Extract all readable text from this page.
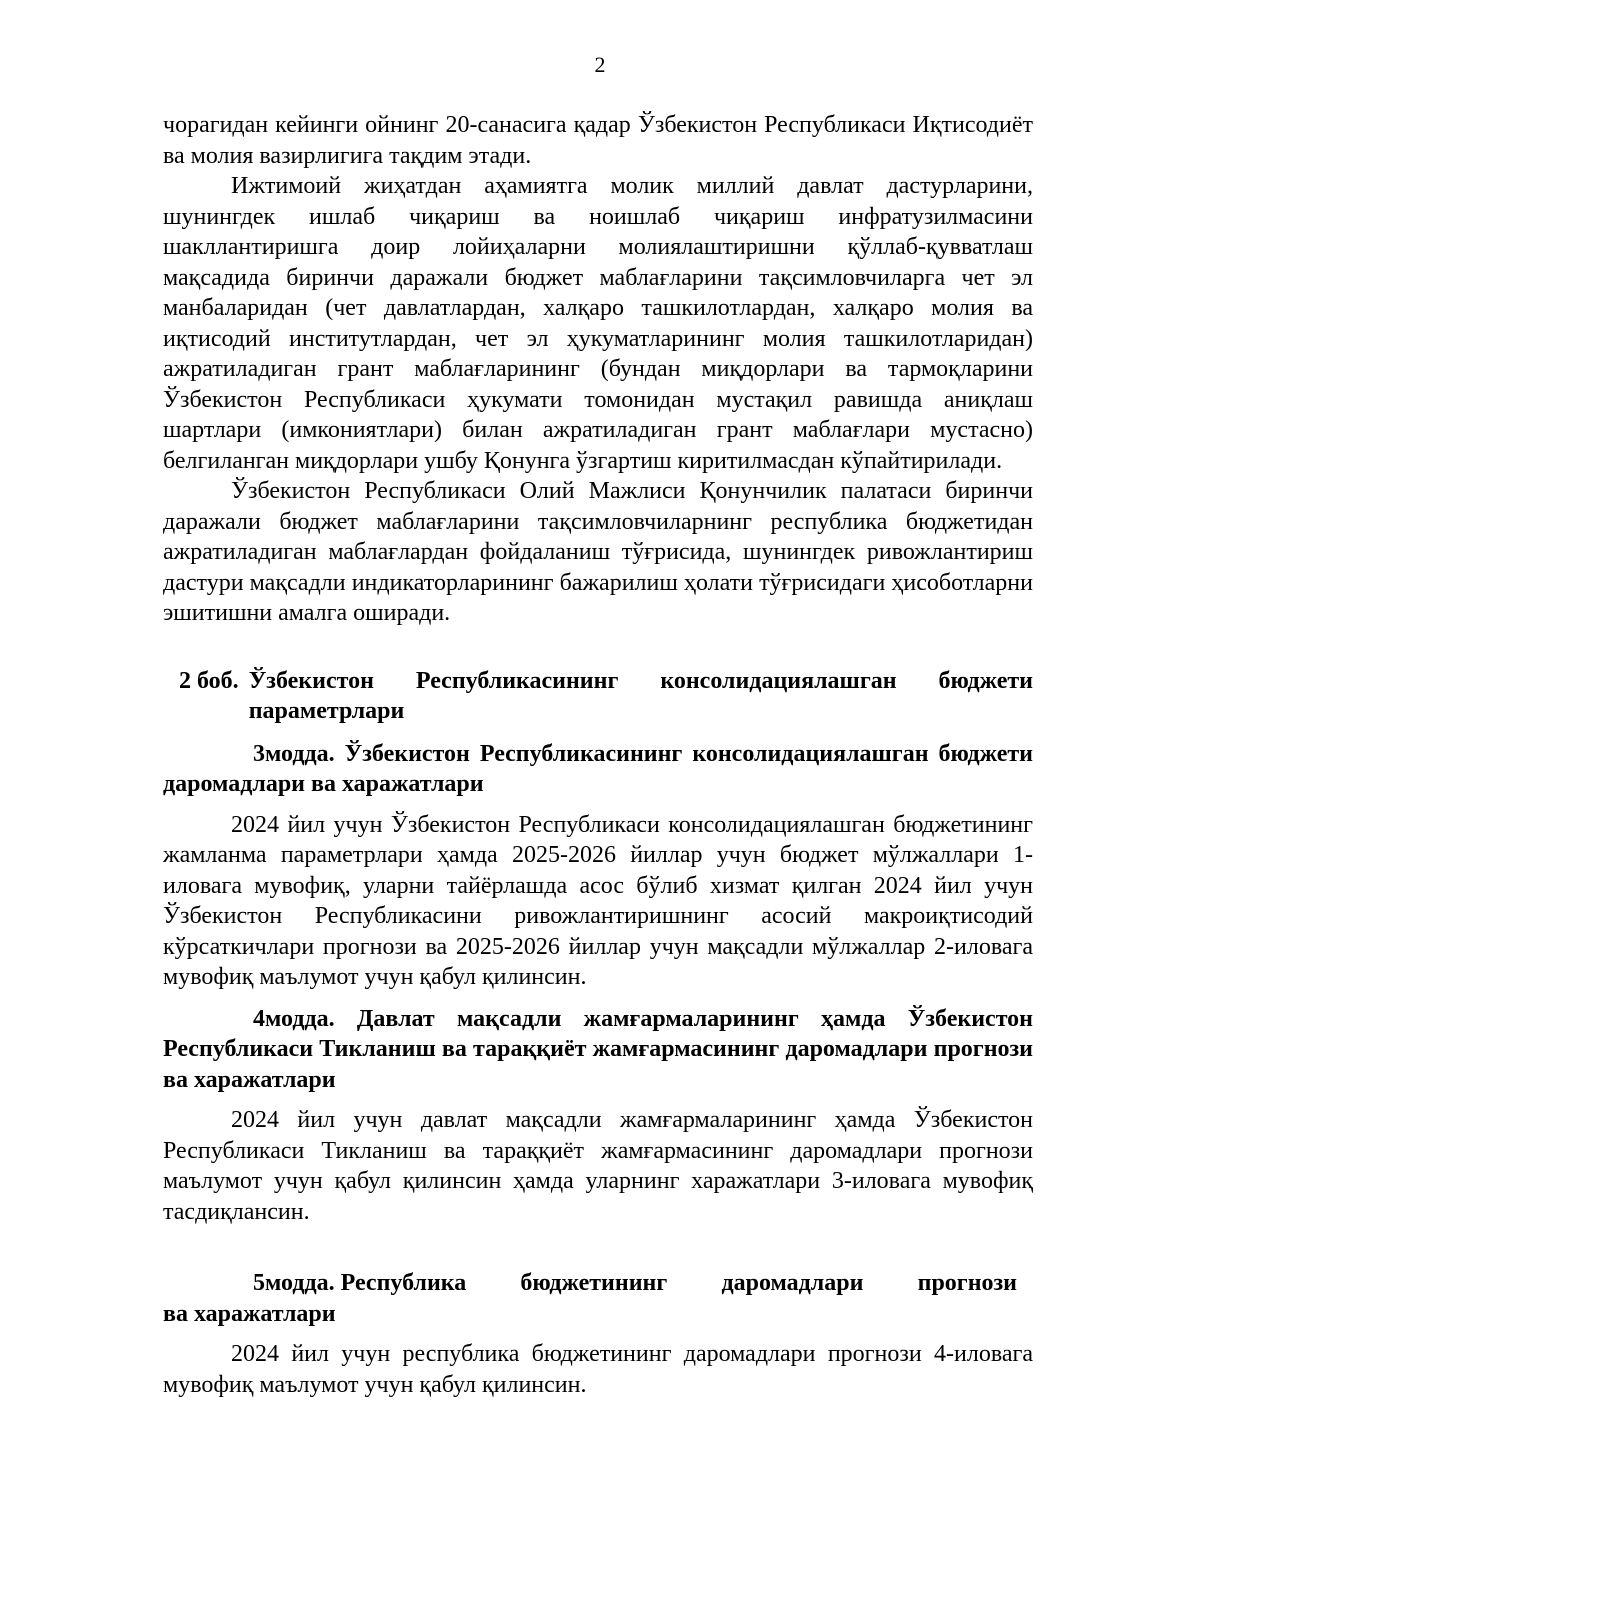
2

чорагидан кейинги ойнинг 20-санасига қадар Ўзбекистон Республикаси Иқтисодиёт ва молия вазирлигига тақдим этади.

Ижтимоий жиҳатдан аҳамиятга молик миллий давлат дастурларини, шунингдек ишлаб чиқариш ва ноишлаб чиқариш инфратузилмасини шакллантиришга доир лойиҳаларни молиялаштиришни қўллаб-қувватлаш мақсадида биринчи даражали бюджет маблағларини тақсимловчиларга чет эл манбаларидан (чет давлатлардан, халқаро ташкилотлардан, халқаро молия ва иқтисодий институтлардан, чет эл ҳукуматларининг молия ташкилотларидан) ажратиладиган грант маблағларининг (бундан миқдорлари ва тармоқларини Ўзбекистон Республикаси ҳукумати томонидан мустақил равишда аниқлаш шартлари (имкониятлари) билан ажратиладиган грант маблағлари мустасно) белгиланган миқдорлари ушбу Қонунга ўзгартиш киритилмасдан кўпайтирилади.

Ўзбекистон Республикаси Олий Мажлиси Қонунчилик палатаси биринчи даражали бюджет маблағларини тақсимловчиларнинг республика бюджетидан ажратиладиган маблағлардан фойдаланиш тўғрисида, шунингдек ривожлантириш дастури мақсадли индикаторларининг бажарилиш ҳолати тўғрисидаги ҳисоботларни эшитишни амалга оширади.

2 боб. Ўзбекистон Республикасининг консолидациялашган бюджети параметрлари

3модда. Ўзбекистон Республикасининг консолидациялашган бюджети даромадлари ва харажатлари

2024 йил учун Ўзбекистон Республикаси консолидациялашган бюджетининг жамланма параметрлари ҳамда 2025-2026 йиллар учун бюджет мўлжаллари 1-иловага мувофиқ, уларни тайёрлашда асос бўлиб хизмат қилган 2024 йил учун Ўзбекистон Республикасини ривожлантиришнинг асосий макроиқтисодий кўрсаткичлари прогнози ва 2025-2026 йиллар учун мақсадли мўлжаллар 2-иловага мувофиқ маълумот учун қабул қилинсин.

4модда. Давлат мақсадли жамғармаларининг ҳамда Ўзбекистон Республикаси Тикланиш ва тараққиёт жамғармасининг даромадлари прогнози ва харажатлари

2024 йил учун давлат мақсадли жамғармаларининг ҳамда Ўзбекистон Республикаси Тикланиш ва тараққиёт жамғармасининг даромадлари прогнози маълумот учун қабул қилинсин ҳамда уларнинг харажатлари 3-иловага мувофиқ тасдиқлансин.

5модда. Республика бюджетининг даромадлари прогнози
ва харажатлари

2024 йил учун республика бюджетининг даромадлари прогнози 4-иловага мувофиқ маълумот учун қабул қилинсин.
